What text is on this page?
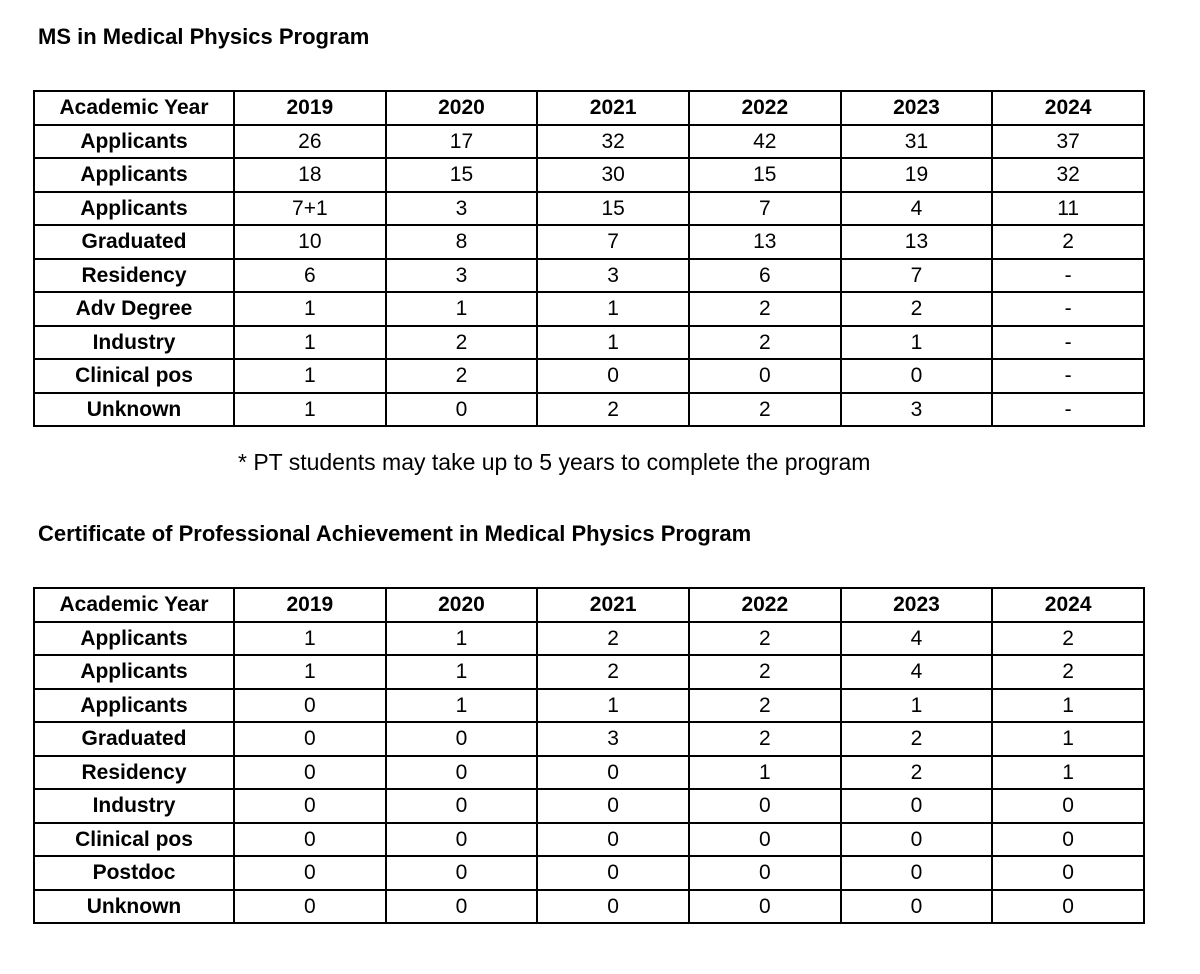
MS in Medical Physics Program
Academic Year	2019	2020	2021	2022	2023	2024
Applicants	26	17	32	42	31	37
Applicants	18	15	30	15	19	32
Applicants	7+1	3	15	7	4	11
Graduated	10	8	7	13	13	2
Residency	6	3	3	6	7	-
Adv Degree	1	1	1	2	2	-
Industry	1	2	1	2	1	-
Clinical pos	1	2	0	0	0	-
Unknown	1	0	2	2	3	-

* PT students may take up to 5 years to complete the program

Certificate of Professional Achievement in Medical Physics Program
Academic Year	2019	2020	2021	2022	2023	2024
Applicants	1	1	2	2	4	2
Applicants	1	1	2	2	4	2
Applicants	0	1	1	2	1	1
Graduated	0	0	3	2	2	1
Residency	0	0	0	1	2	1
Industry	0	0	0	0	0	0
Clinical pos	0	0	0	0	0	0
Postdoc	0	0	0	0	0	0
Unknown	0	0	0	0	0	0
